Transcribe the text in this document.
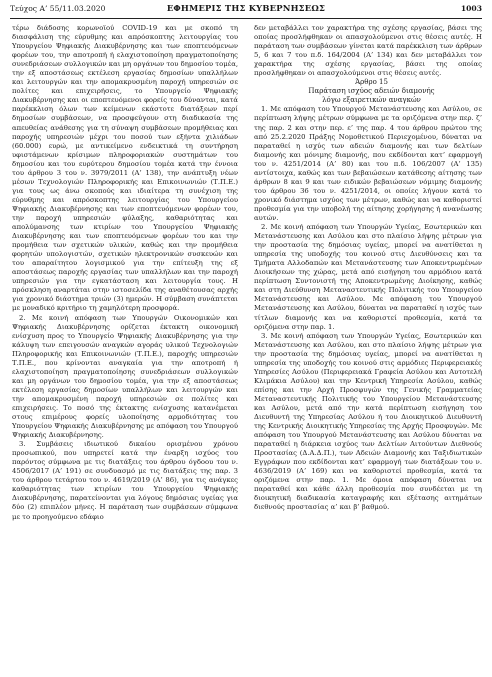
Τεύχος Α’ 55/11.03.2020	ΕΦΗΜΕΡΙΣ ΤΗΣ ΚΥΒΕΡΝΗΣΕΩΣ	1003

τέρω διάδοσης κορωνοϊού COVID-19 και με σκοπό τη διασφάλιση της εύρυθμης και απρόσκοπτης λειτουργίας του Υπουργείου Ψηφιακής Διακυβέρνησης και των εποπτευόμενων φορέων του, την αποτροπή ή ελαχιστοποίηση πραγματοποίησης συνεδριάσεων συλλογικών και μη οργάνων του δημοσίου τομέα, την εξ αποστάσεως εκτέλεση εργασίας δημοσίων υπαλλήλων και λειτουργών και την απομακρυσμένη παροχή υπηρεσιών σε πολίτες και επιχειρήσεις, το Υπουργείο Ψηφιακής Διακυβέρνησης και οι εποπτευόμενοι φορείς του δύνανται, κατά παρέκκλιση όλων των κείμενων εκάστοτε διατάξεων περί δημοσίων συμβάσεων, να προσφεύγουν στη διαδικασία της απευθείας ανάθεσης για τη σύναψη συμβάσεων προμήθειας και παροχής υπηρεσιών μέχρι του ποσού των εξήντα χιλιάδων (60.000) ευρώ, με αντικείμενο ενδεικτικά τη συντήρηση υφιστάμενων κρίσιμων πληροφοριακών συστημάτων του δημοσίου και του ευρύτερου δημοσίου τομέα κατά την έννοια του άρθρου 3 του ν. 3979/2011 (Α’ 138), την ανάπτυξη νέων μέσων Τεχνολογιών Πληροφορικής και Επικοινωνιών (Τ.Π.Ε.) για τους ως άνω σκοπούς και ιδιαίτερα τη συνέχιση της εύρυθμης και απρόσκοπτης λειτουργίας του Υπουργείου Ψηφιακής Διακυβέρνησης και των εποπτευόμενων φορέων του, την παροχή υπηρεσιών φύλαξης, καθαριότητας και απολύμανσης των κτιρίων του Υπουργείου Ψηφιακής Διακυβέρνησης και των εποπτευόμενων φορέων του και την προμήθεια των σχετικών υλικών, καθώς και την προμήθεια φορητών υπολογιστών, σχετικών ηλεκτρονικών συσκευών και του απαραίτητου λογισμικού για την επίτευξη της εξ αποστάσεως παροχής εργασίας των υπαλλήλων και την παροχή υπηρεσιών για την εγκατάσταση και λειτουργία τους. Η πρόσκληση αναρτάται στην ιστοσελίδα της αναθέτουσας αρχής για χρονικό διάστημα τριών (3) ημερών. Η σύμβαση συνάπτεται με μοναδικό κριτήριο τη χαμηλότερη προσφορά.

2. Με κοινή απόφαση των Υπουργών Οικονομικών και Ψηφιακής Διακυβέρνησης ορίζεται έκτακτη οικονομική ενίσχυση προς το Υπουργείο Ψηφιακής Διακυβέρνησης για την κάλυψη των επειγουσών αναγκών αγοράς υλικού Τεχνολογιών Πληροφορικής και Επικοινωνιών (Τ.Π.Ε.), παροχής υπηρεσιών Τ.Π.Ε., που κρίνονται αναγκαία για την αποτροπή ή ελαχιστοποίηση πραγματοποίησης συνεδριάσεων συλλογικών και μη οργάνων του δημοσίου τομέα, για την εξ αποστάσεως εκτέλεση εργασίας δημοσίων υπαλλήλων και λειτουργών και την απομακρυσμένη παροχή υπηρεσιών σε πολίτες και επιχειρήσεις. Το ποσό της έκτακτης ενίσχυσης κατανέμεται στους επιμέρους φορείς υλοποίησης αρμοδιότητας του Υπουργείου Ψηφιακής Διακυβέρνησης με απόφαση του Υπουργού Ψηφιακής Διακυβέρνησης.

3. Συμβάσεις ιδιωτικού δικαίου ορισμένου χρόνου προσωπικού, που υπηρετεί κατά την έναρξη ισχύος του παρόντος σύμφωνα με τις διατάξεις του άρθρου όγδοου του ν. 4506/2017 (Α’ 191) σε συνδυασμό με τις διατάξεις της παρ. 3 του άρθρου τετάρτου του ν. 4619/2019 (Α’ 86), για τις ανάγκες καθαριότητας των κτιρίων του Υπουργείου Ψηφιακής Διακυβέρνησης, παρατείνονται για λόγους δημόσιας υγείας για δύο (2) επιπλέον μήνες. Η παράταση των συμβάσεων σύμφωνα με το προηγούμενο εδάφιο

δεν μεταβάλλει τον χαρακτήρα της σχέσης εργασίας, βάσει της οποίας προσλήφθηκαν οι απασχολούμενοι στις θέσεις αυτές. Η παράταση των συμβάσεων γίνεται κατά παρέκκλιση των άρθρων 5, 6 και 7 του π.δ. 164/2004 (Α’ 134) και δεν μεταβάλλει τον χαρακτήρα της σχέσης εργασίας, βάσει της οποίας προσλήφθηκαν οι απασχολούμενοι στις θέσεις αυτές.

Άρθρο 15

Παράταση ισχύος αδειών διαμονής

λόγω εξαιρετικών αναγκών

1. Με απόφαση του Υπουργού Μετανάστευσης και Ασύλου, σε περίπτωση λήψης μέτρων σύμφωνα με τα οριζόμενα στην περ. ζ’ της παρ. 2 και στην περ. ε’ της παρ. 4 του άρθρου πρώτου της από 25.2.2020 Πράξης Νομοθετικού Περιεχομένου, δύναται να παραταθεί η ισχύς των αδειών διαμονής και των δελτίων διαμονής και μόνιμης διαμονής, που εκδίδονται κατ’ εφαρμογή του ν. 4251/2014 (Α’ 80) και του π.δ. 106/2007 (Α’ 135) αντίστοιχα, καθώς και των βεβαιώσεων κατάθεσης αίτησης των άρθρων 8 και 9 και των ειδικών βεβαιώσεων νόμιμης διαμονής του άρθρου 36 του ν. 4251/2014, οι οποίες λήγουν κατά το χρονικό διάστημα ισχύος των μέτρων, καθώς και να καθοριστεί προθεσμία για την υποβολή της αίτησης χορήγησης ή ανανέωσης αυτών.

2. Με κοινή απόφαση των Υπουργών Υγείας, Εσωτερικών και Μετανάστευσης και Ασύλου και στο πλαίσιο λήψης μέτρων για την προστασία της δημόσιας υγείας, μπορεί να ανατίθεται η υπηρεσία της υποδοχής του κοινού στις Διευθύνσεις και τα Τμήματα Αλλοδαπών και Μετανάστευσης των Αποκεντρωμένων Διοικήσεων της χώρας, μετά από εισήγηση του αρμόδιου κατά περίπτωση Συντονιστή της Αποκεντρωμένης Διοίκησης, καθώς και στη Διεύθυνση Μεταναστευτικής Πολιτικής του Υπουργείου Μετανάστευσης και Ασύλου. Με απόφαση του Υπουργού Μετανάστευσης και Ασύλου, δύναται να παραταθεί η ισχύς των τίτλων διαμονής και να καθοριστεί προθεσμία, κατά τα οριζόμενα στην παρ. 1.

3. Με κοινή απόφαση των Υπουργών Υγείας, Εσωτερικών και Μετανάστευσης και Ασύλου, και στο πλαίσιο λήψης μέτρων για την προστασία της δημόσιας υγείας, μπορεί να ανατίθεται η υπηρεσία της υποδοχής του κοινού στις αρμόδιες Περιφερειακές Υπηρεσίες Ασύλου (Περιφερειακά Γραφεία Ασύλου και Αυτοτελή Κλιμάκια Ασύλου) και την Κεντρική Υπηρεσία Ασύλου, καθώς επίσης και την Αρχή Προσφυγών της Γενικής Γραμματείας Μεταναστευτικής Πολιτικής του Υπουργείου Μετανάστευσης και Ασύλου, μετά από την κατά περίπτωση εισήγηση του Διευθυντή της Υπηρεσίας Ασύλου ή του Διοικητικού Διευθυντή της Κεντρικής Διοικητικής Υπηρεσίας της Αρχής Προσφυγών. Με απόφαση του Υπουργού Μετανάστευσης και Ασύλου δύναται να παραταθεί η διάρκεια ισχύος των Δελτίων Αιτούντων Διεθνούς Προστασίας (Δ.Α.Δ.Π.), των Αδειών Διαμονής και Ταξιδιωτικών Εγγράφων που εκδίδονται κατ’ εφαρμογή των διατάξεων του ν. 4636/2019 (Α’ 169) και να καθοριστεί προθεσμία, κατά τα οριζόμενα στην παρ. 1. Με όμοια απόφαση δύναται να παραταθεί και κάθε άλλη προθεσμία που συνδέεται με τη διοικητική διαδικασία καταγραφής και εξέτασης αιτημάτων διεθνούς προστασίας α’ και β’ βαθμού.
